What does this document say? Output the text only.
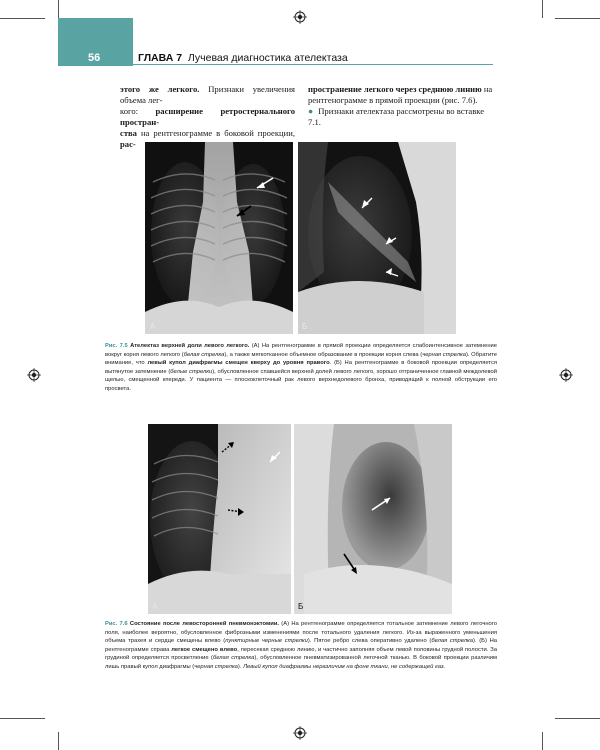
56	ГЛАВА 7 Лучевая диагностика ателектаза
этого же легкого. Признаки увеличения объема лег-
кого: расширение ретростернального простран-
ства на рентгенограмме в боковой проекции, рас-
пространение легкого через среднюю линию на
рентгенограмме в прямой проекции (рис. 7.6).
● Признаки ателектаза рассмотрены во вставке 7.1.
А	Б
Рис. 7.5 Ателектаз верхней доли левого легкого. (А) На рентгенограмме в прямой проекции определяется слабоинтенсивное затемнение вокруг корня левого легкого (белая стрелка), а также мягкотканное объемное образование в проекции корня слева (черная стрелка). Обратите внимание, что левый купол диафрагмы смещен кверху до уровня правого. (Б) На рентгенограмме в боковой проекции определяется вытянутое затемнение (белые стрелки), обусловленное спавшейся верхней долей левого легкого, хорошо отграниченное главной междолевой щелью, смещенной кпереди. У пациента — плоскоклеточный рак левого верхнедолевого бронха, приводящий к полной обструкции его просвета.
А	Б
Рис. 7.6 Состояние после левосторонней пневмонэктомии. (А) На рентгенограмме определяется тотальное затемнение левого легочного поля, наиболее вероятно, обусловленное фиброзными изменениями после тотального удаления легкого. Из-за выраженного уменьшения объема трахея и сердце смещены влево (пунктирные черные стрелки). Пятое ребро слева оперативно удалено (белая стрелка). (Б) На рентгенограмме справа легкое смещено влево, пересекая среднюю линию, и частично заполняя объем левой половины грудной полости. За грудиной определяется просветление (белая стрелка), обусловленное пневматизированной легочной тканью. В боковой проекции различим лишь правый купол диафрагмы (черная стрелка). Левый купол диафрагмы неразличим на фоне ткани, не содержащей газ.
